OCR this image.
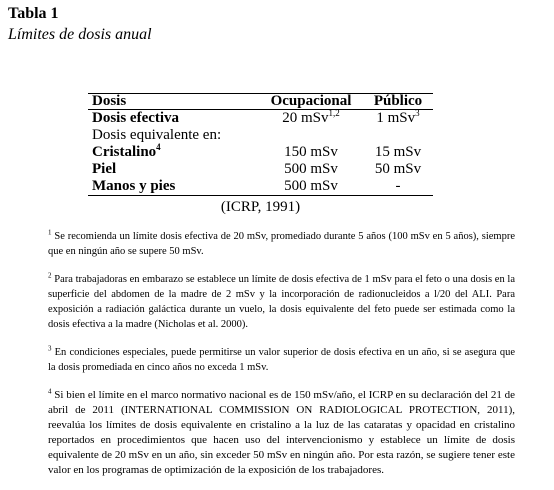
Tabla 1
Límites de dosis anual
Dosis	Ocupacional	Público
Dosis efectiva	20 mSv$^{1,2}$	1 mSv$^3$
Dosis equivalente en:
Cristalino$^4$	150 mSv	15 mSv
Piel	500 mSv	50 mSv
Manos y pies	500 mSv	-
(ICRP, 1991)
$^1$ Se recomienda un límite dosis efectiva de 20 mSv, promediado durante 5 años (100 mSv en 5 años), siempre que en ningún año se supere 50 mSv.
$^2$ Para trabajadoras en embarazo se establece un límite de dosis efectiva de 1 mSv para el feto o una dosis en la superficie del abdomen de la madre de 2 mSv y la incorporación de radionucleidos a l/20 del ALI. Para exposición a radiación galáctica durante un vuelo, la dosis equivalente del feto puede ser estimada como la dosis efectiva a la madre (Nicholas et al. 2000).
$^3$ En condiciones especiales, puede permitirse un valor superior de dosis efectiva en un año, si se asegura que la dosis promediada en cinco años no exceda 1 mSv.
$^4$ Si bien el límite en el marco normativo nacional es de 150 mSv/año, el ICRP en su declaración del 21 de abril de 2011 (INTERNATIONAL COMMISSION ON RADIOLOGICAL PROTECTION, 2011), reevalúa los límites de dosis equivalente en cristalino a la luz de las cataratas y opacidad en cristalino reportados en procedimientos que hacen uso del intervencionismo y establece un límite de dosis equivalente de 20 mSv en un año, sin exceder 50 mSv en ningún año. Por esta razón, se sugiere tener este valor en los programas de optimización de la exposición de los trabajadores.
